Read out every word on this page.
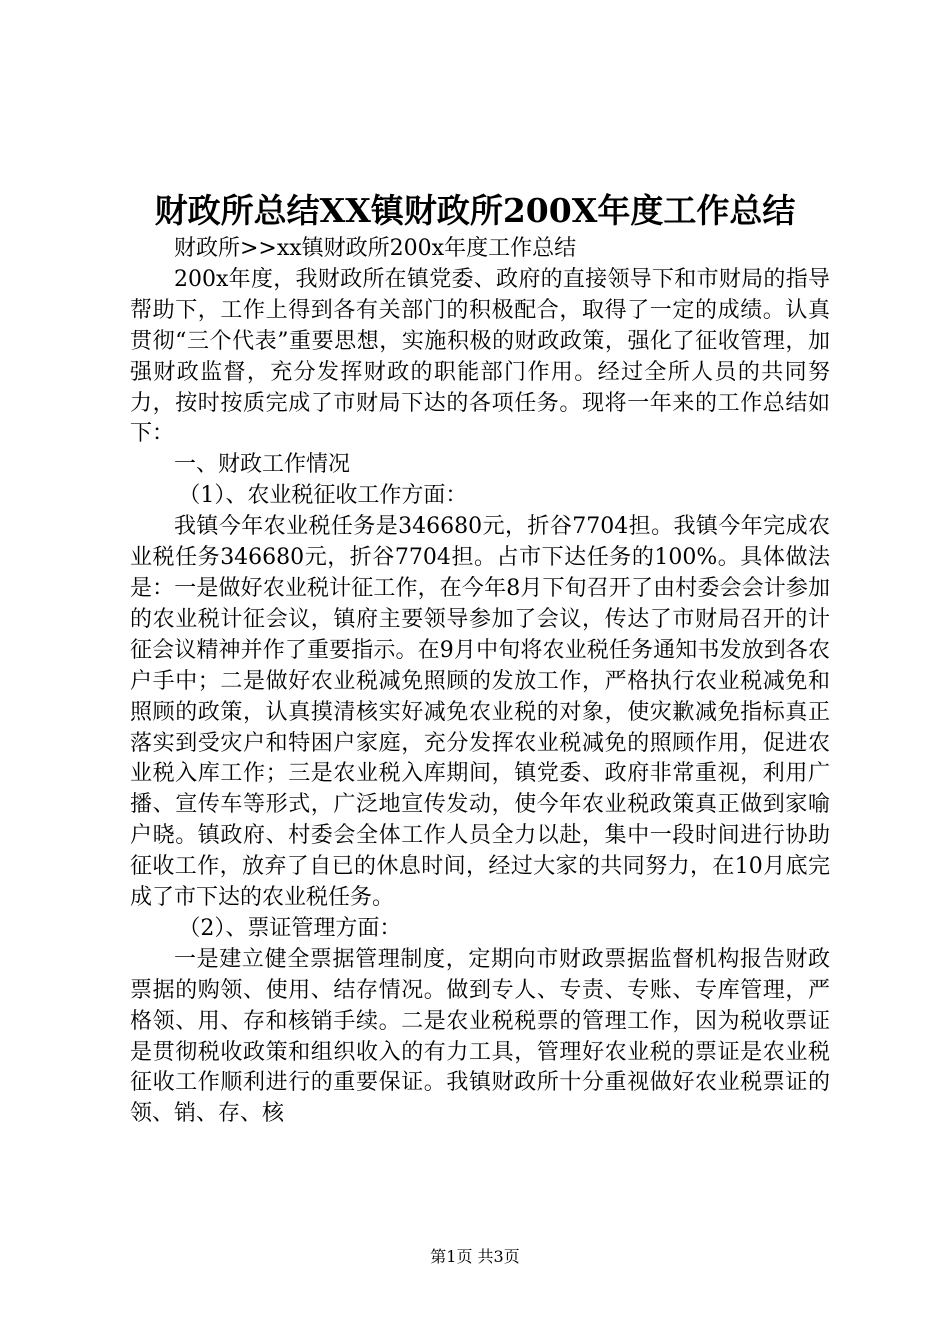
财政所总结XX镇财政所200X年度工作总结

财政所>>xx镇财政所200x年度工作总结

200x年度，我财政所在镇党委、政府的直接领导下和市财局的指导帮助下，工作上得到各有关部门的积极配合，取得了一定的成绩。认真贯彻“三个代表”重要思想，实施积极的财政政策，强化了征收管理，加强财政监督，充分发挥财政的职能部门作用。经过全所人员的共同努力，按时按质完成了市财局下达的各项任务。现将一年来的工作总结如下：

一、财政工作情况

（1）、农业税征收工作方面：

我镇今年农业税任务是346680元，折谷7704担。我镇今年完成农业税任务346680元，折谷7704担。占市下达任务的100%。具体做法是：一是做好农业税计征工作，在今年8月下旬召开了由村委会会计参加的农业税计征会议，镇府主要领导参加了会议，传达了市财局召开的计征会议精神并作了重要指示。在9月中旬将农业税任务通知书发放到各农户手中；二是做好农业税减免照顾的发放工作，严格执行农业税减免和照顾的政策，认真摸清核实好减免农业税的对象，使灾歉减免指标真正落实到受灾户和特困户家庭，充分发挥农业税减免的照顾作用，促进农业税入库工作；三是农业税入库期间，镇党委、政府非常重视，利用广播、宣传车等形式，广泛地宣传发动，使今年农业税政策真正做到家喻户晓。镇政府、村委会全体工作人员全力以赴，集中一段时间进行协助征收工作，放弃了自已的休息时间，经过大家的共同努力，在10月底完成了市下达的农业税任务。

（2）、票证管理方面：

一是建立健全票据管理制度，定期向市财政票据监督机构报告财政票据的购领、使用、结存情况。做到专人、专责、专账、专库管理，严格领、用、存和核销手续。二是农业税税票的管理工作，因为税收票证是贯彻税收政策和组织收入的有力工具，管理好农业税的票证是农业税征收工作顺利进行的重要保证。我镇财政所十分重视做好农业税票证的领、销、存、核

第1页 共3页
